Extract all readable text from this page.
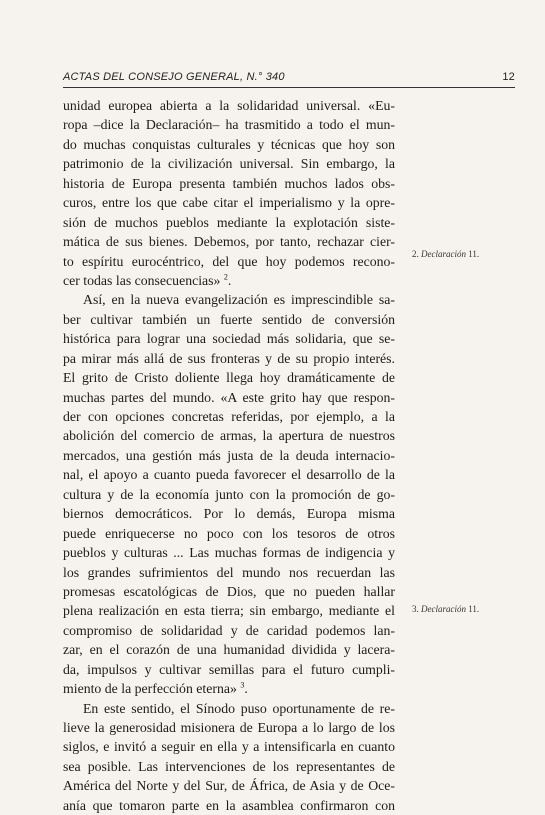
ACTAS DEL CONSEJO GENERAL, N.° 340	12
unidad europea abierta a la solidaridad universal. «Eu-
ropa –dice la Declaración– ha trasmitido a todo el mun-
do muchas conquistas culturales y técnicas que hoy son
patrimonio de la civilización universal. Sin embargo, la
historia de Europa presenta también muchos lados obs-
curos, entre los que cabe citar el imperialismo y la opre-
sión de muchos pueblos mediante la explotación siste-
mática de sus bienes. Debemos, por tanto, rechazar cier-
to espíritu eurocéntrico, del que hoy podemos recono-
cer todas las consecuencias» $^2$.
Así, en la nueva evangelización es imprescindible sa-
ber cultivar también un fuerte sentido de conversión
histórica para lograr una sociedad más solidaria, que se-
pa mirar más allá de sus fronteras y de su propio interés.
El grito de Cristo doliente llega hoy dramáticamente de
muchas partes del mundo. «A este grito hay que respon-
der con opciones concretas referidas, por ejemplo, a la
abolición del comercio de armas, la apertura de nuestros
mercados, una gestión más justa de la deuda internacio-
nal, el apoyo a cuanto pueda favorecer el desarrollo de la
cultura y de la economía junto con la promoción de go-
biernos democráticos. Por lo demás, Europa misma
puede enriquecerse no poco con los tesoros de otros
pueblos y culturas ... Las muchas formas de indigencia y
los grandes sufrimientos del mundo nos recuerdan las
promesas escatológicas de Dios, que no pueden hallar
plena realización en esta tierra; sin embargo, mediante el
compromiso de solidaridad y de caridad podemos lan-
zar, en el corazón de una humanidad dividida y lacera-
da, impulsos y cultivar semillas para el futuro cumpli-
miento de la perfección eterna» $^3$.
En este sentido, el Sínodo puso oportunamente de re-
lieve la generosidad misionera de Europa a lo largo de los
siglos, e invitó a seguir en ella y a intensificarla en cuanto
sea posible. Las intervenciones de los representantes de
América del Norte y del Sur, de África, de Asia y de Oce-
anía que tomaron parte en la asamblea confirmaron con
2. Declaración 11.
3. Declaración 11.
